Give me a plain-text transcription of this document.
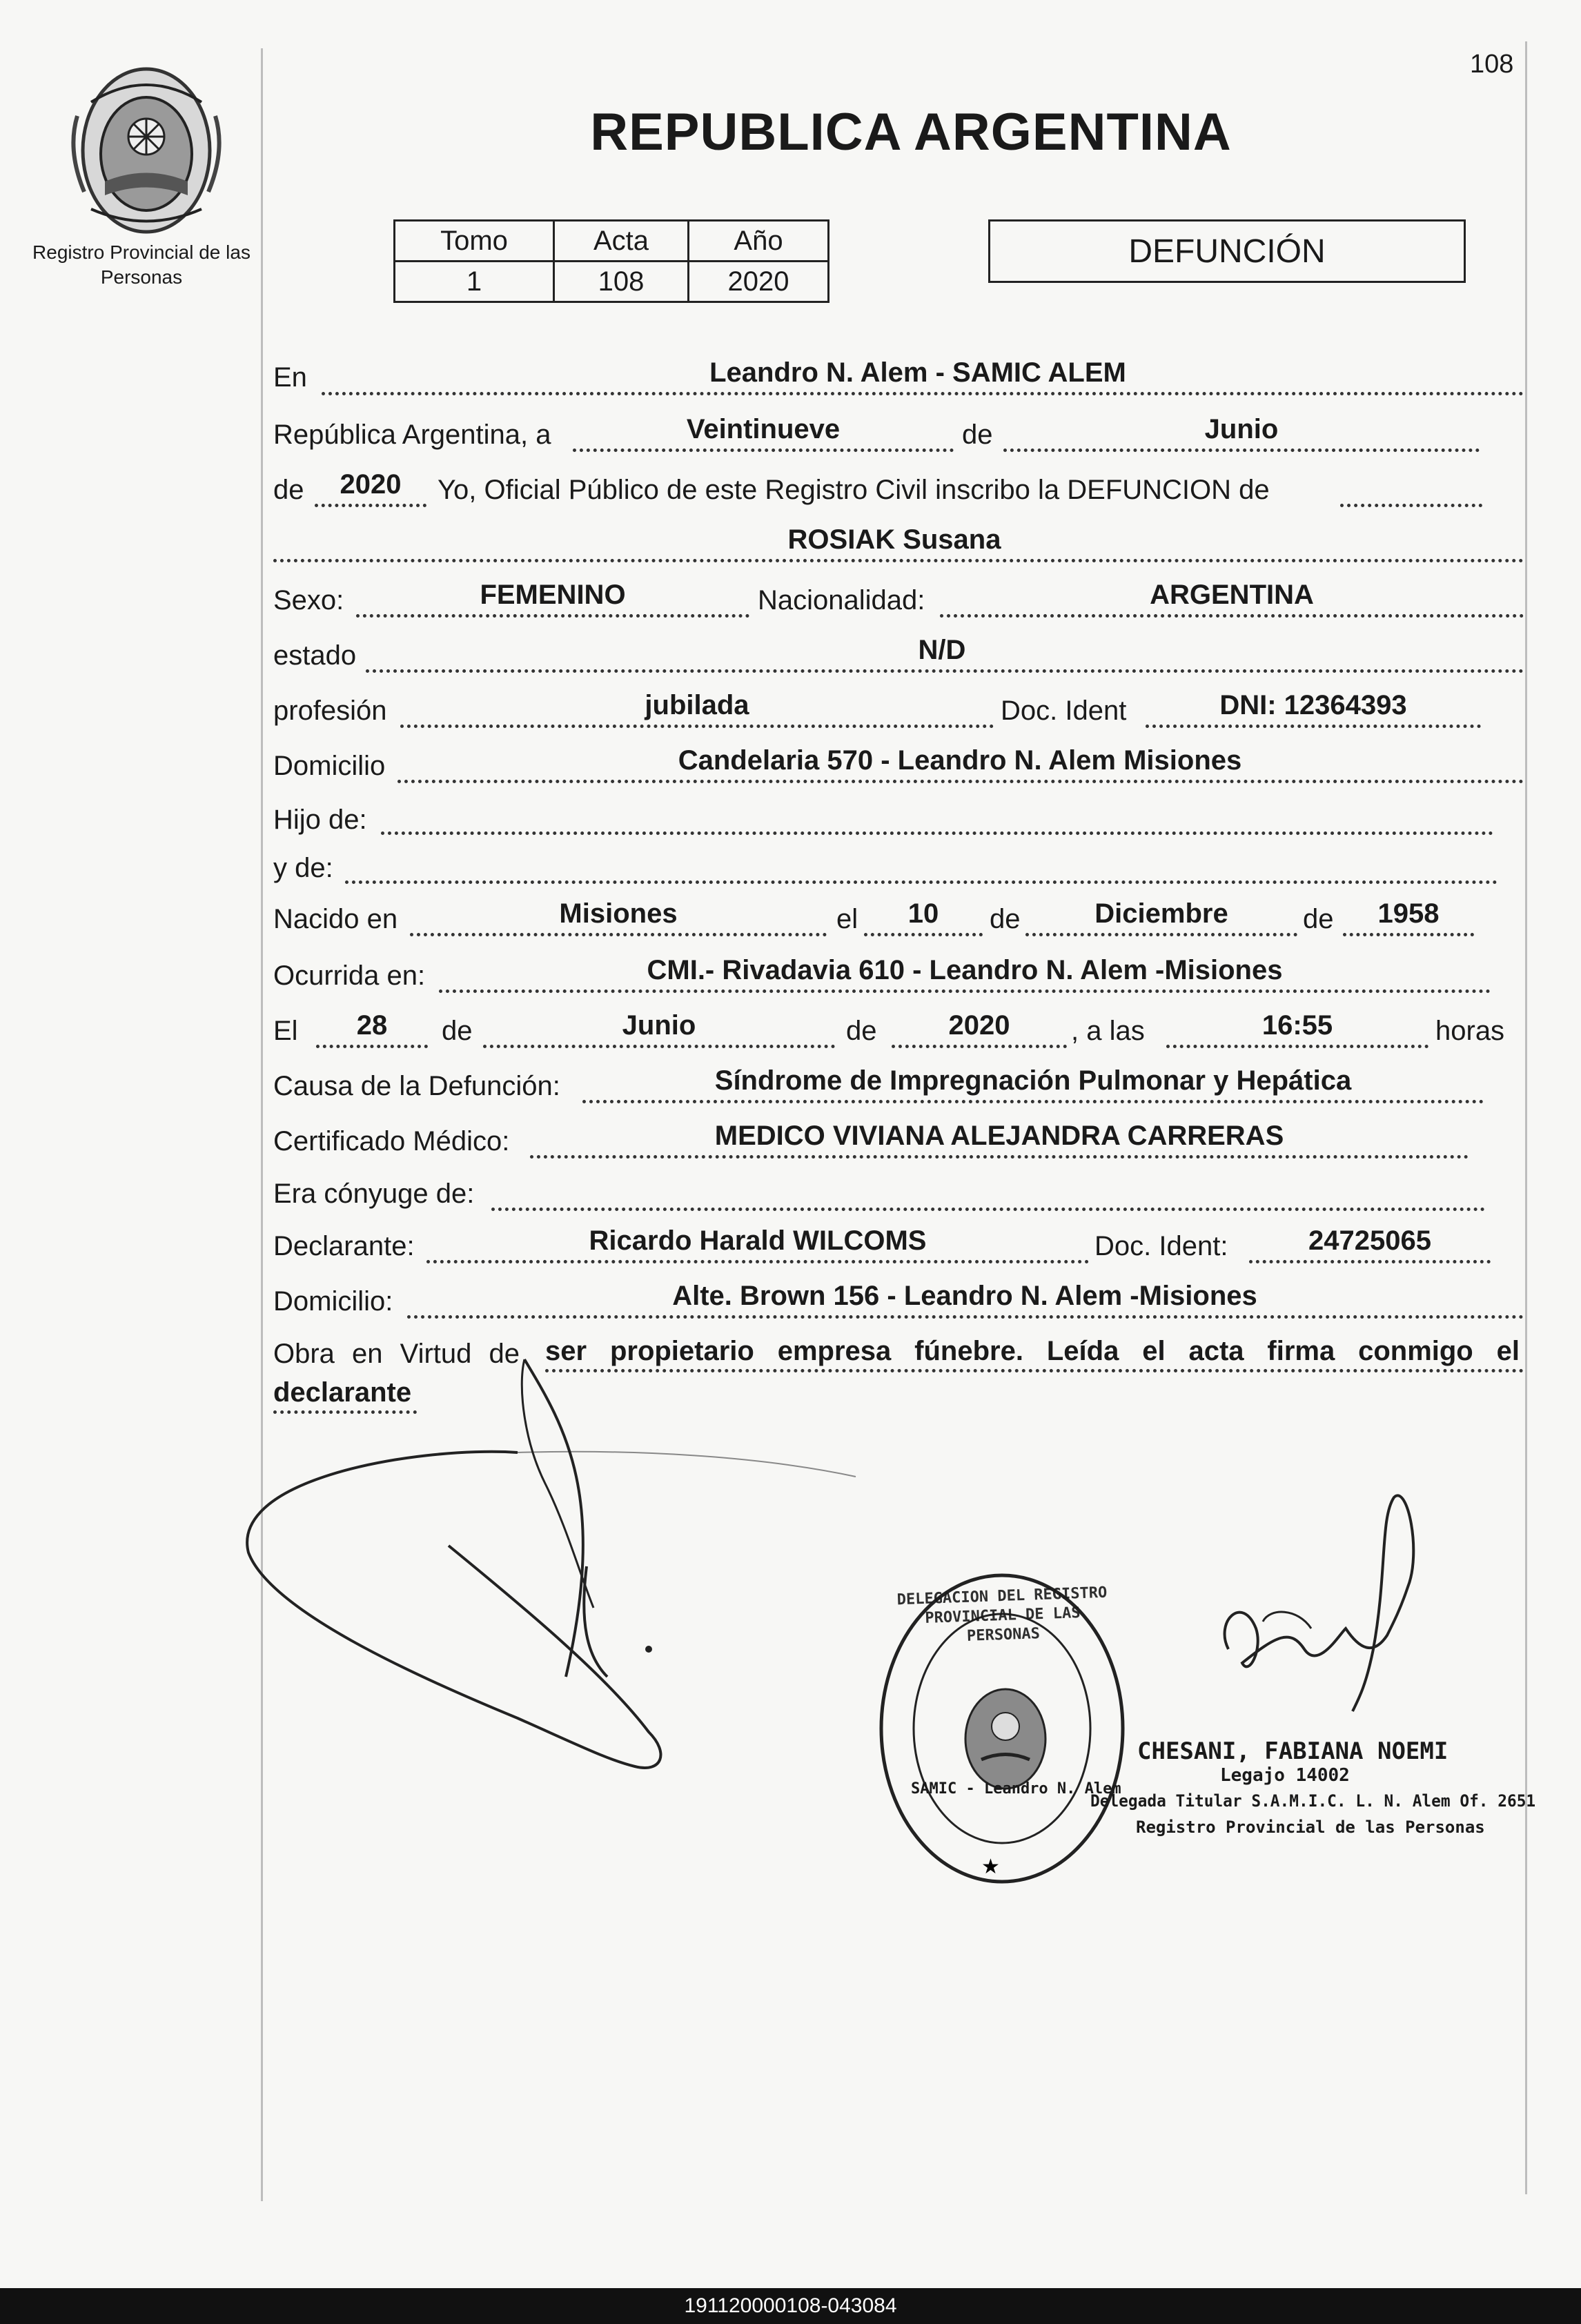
108
Registro Provincial de las Personas
REPUBLICA ARGENTINA
Tomo	Acta	Año
1	108	2020
DEFUNCIÓN
En	Leandro N. Alem - SAMIC ALEM
República Argentina, a	Veintinueve	de	Junio
de	2020	Yo, Oficial Público de este Registro Civil inscribo la DEFUNCION de
ROSIAK Susana
Sexo:	FEMENINO	Nacionalidad:	ARGENTINA
estado	N/D
profesión	jubilada	Doc. Ident	DNI: 12364393
Domicilio	Candelaria 570 - Leandro N. Alem Misiones
Hijo de:
y de:
Nacido en	Misiones	el	10	de	Diciembre	de	1958
Ocurrida en:	CMI.- Rivadavia 610 - Leandro N. Alem -Misiones
El	28	de	Junio	de	2020	, a las	16:55	horas
Causa de la Defunción:	Síndrome de Impregnación Pulmonar y Hepática
Certificado Médico:	MEDICO VIVIANA ALEJANDRA CARRERAS
Era cónyuge de:
Declarante:	Ricardo Harald WILCOMS	Doc. Ident:	24725065
Domicilio:	Alte. Brown 156 - Leandro N. Alem -Misiones
Obra en Virtud de ser propietario empresa fúnebre. Leída el acta firma conmigo el
declarante
★
DELEGACION DEL REGISTRO PROVINCIAL DE LAS PERSONAS
SAMIC - Leandro N. Alem
CHESANI, FABIANA NOEMI
Legajo 14002
Delegada Titular S.A.M.I.C. L. N. Alem Of. 2651
Registro Provincial de las Personas
191120000108-043084
